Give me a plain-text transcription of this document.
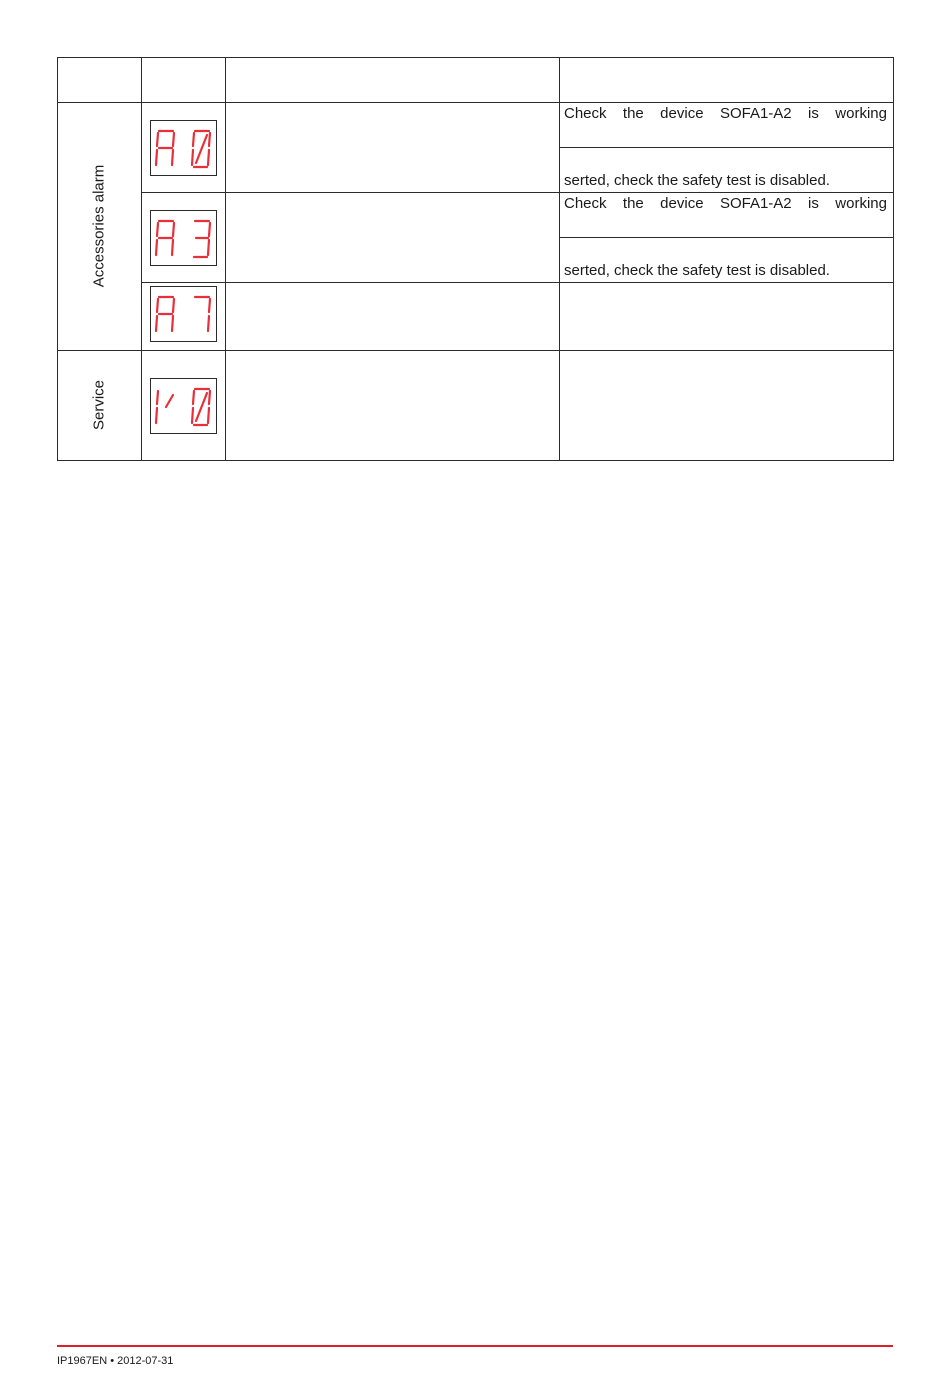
Accessories alarm
Service
Check the device SOFA1-A2 is working
serted, check the safety test is disabled.
Check the device SOFA1-A2 is working
serted, check the safety test is disabled.
IP1967EN • 2012-07-31
